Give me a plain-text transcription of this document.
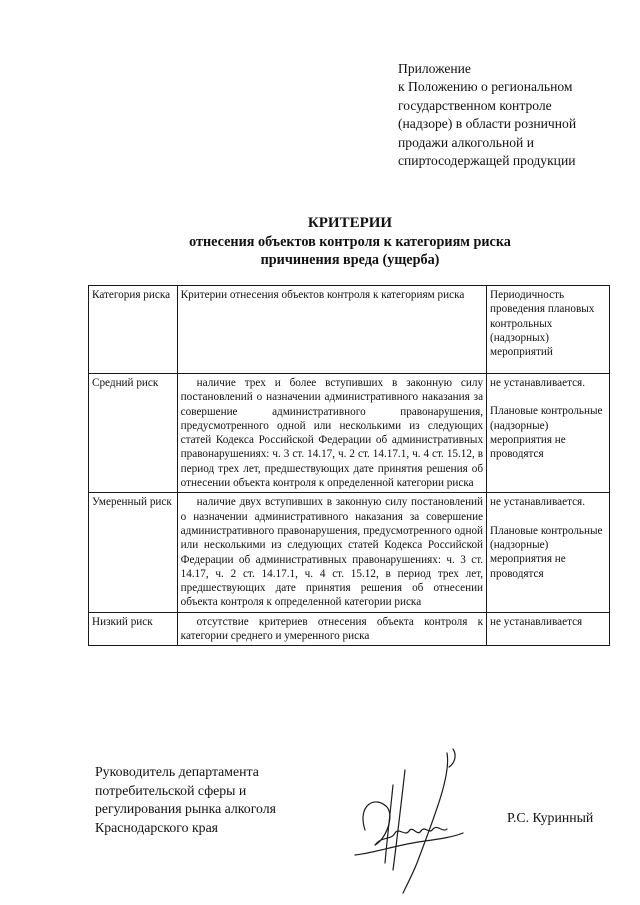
Приложение
к Положению о региональном
государственном контроле
(надзоре) в области розничной
продажи алкогольной и
спиртосодержащей продукции
КРИТЕРИИ
отнесения объектов контроля к категориям риска
причинения вреда (ущерба)
Категория риска	Критерии отнесения объектов контроля к категориям риска	Периодичность проведения плановых контрольных (надзорных) мероприятий
Средний риск	наличие трех и более вступивших в законную силу постановлений о назначении административного наказания за совершение административного правонарушения, предусмотренного одной или несколькими из следующих статей Кодекса Российской Федерации об административных правонарушениях: ч. 3 ст. 14.17, ч. 2 ст. 14.17.1, ч. 4 ст. 15.12, в период трех лет, предшествующих дате принятия решения об отнесении объекта контроля к определенной категории риска	не устанавливается.

Плановые контрольные (надзорные) мероприятия не проводятся

Умеренный риск	наличие двух вступивших в законную силу постановлений о назначении административного наказания за совершение административного правонарушения, предусмотренного одной или несколькими из следующих статей Кодекса Российской Федерации об административных правонарушениях: ч. 3 ст. 14.17, ч. 2 ст. 14.17.1, ч. 4 ст. 15.12, в период трех лет, предшествующих дате принятия решения об отнесении объекта контроля к определенной категории риска	не устанавливается.

Плановые контрольные (надзорные) мероприятия не проводятся

Низкий риск	отсутствие критериев отнесения объекта контроля к категории среднего и умеренного риска	не устанавливается

Руководитель департамента
потребительской сферы и
регулирования рынка алкоголя
Краснодарского края
Р.С. Куринный
